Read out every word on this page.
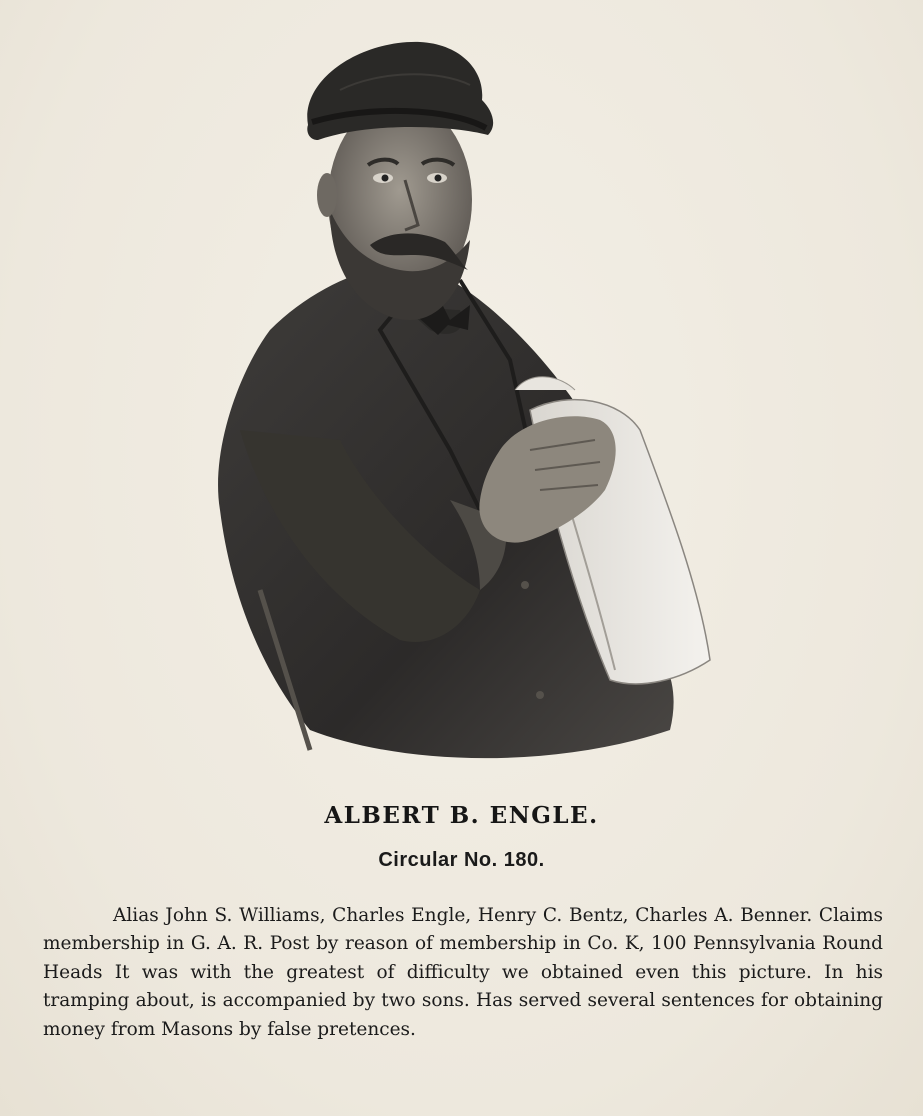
ALBERT B. ENGLE.
Circular No. 180.

Alias John S. Williams, Charles Engle, Henry C. Bentz, Charles A. Benner. Claims membership in G. A. R. Post by reason of membership in Co. K, 100 Pennsylvania Round Heads It was with the greatest of difficulty we obtained even this picture. In his tramping about, is accompanied by two sons. Has served several sentences for obtaining money from Masons by false pretences.
